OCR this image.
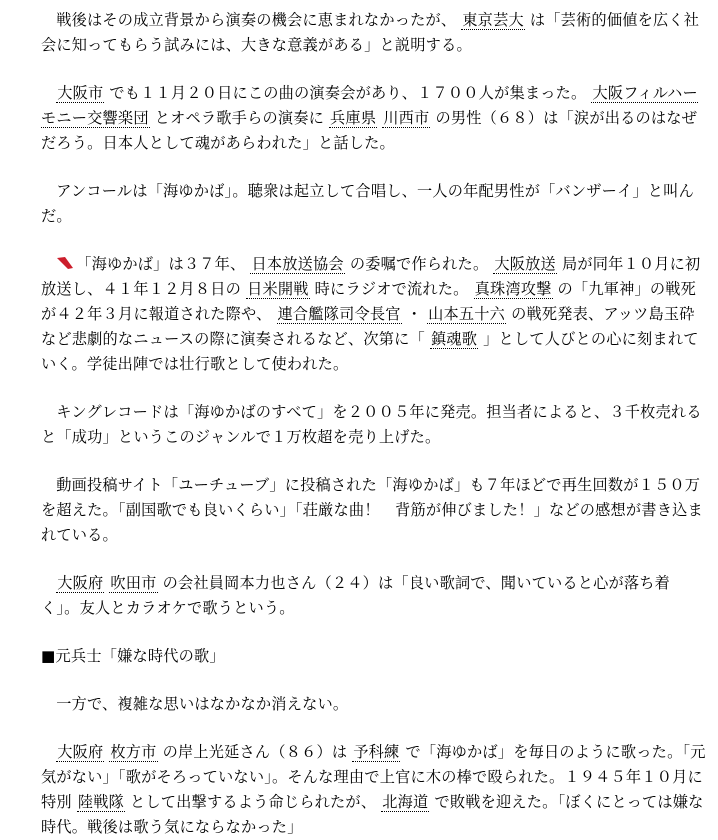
戦後はその成立背景から演奏の機会に恵まれなかったが、 東京芸大 は「芸術的価値を広く社会に知ってもらう試みには、大きな意義がある」と説明する。

大阪市 でも１１月２０日にこの曲の演奏会があり、１７００人が集まった。 大阪フィルハーモニー交響楽団 とオペラ歌手らの演奏に 兵庫県 川西市 の男性（６８）は「涙が出るのはなぜだろう。日本人として魂があらわれた」と話した。

アンコールは「海ゆかば」。聴衆は起立して合唱し、一人の年配男性が「バンザーイ」と叫んだ。

「海ゆかば」は３７年、 日本放送協会 の委嘱で作られた。 大阪放送 局が同年１０月に初放送し、４１年１２月８日の 日米開戦 時にラジオで流れた。 真珠湾攻撃 の「九軍神」の戦死が４２年３月に報道された際や、 連合艦隊司令長官 ・ 山本五十六 の戦死発表、アッツ島玉砕など悲劇的なニュースの際に演奏されるなど、次第に「 鎮魂歌 」として人びとの心に刻まれていく。学徒出陣では壮行歌として使われた。

キングレコードは「海ゆかばのすべて」を２００５年に発売。担当者によると、３千枚売れると「成功」というこのジャンルで１万枚超を売り上げた。

動画投稿サイト「ユーチューブ」に投稿された「海ゆかば」も７年ほどで再生回数が１５０万を超えた。「副国歌でも良いくらい」「荘厳な曲！　背筋が伸びました！」などの感想が書き込まれている。

大阪府 吹田市 の会社員岡本力也さん（２４）は「良い歌詞で、聞いていると心が落ち着く」。友人とカラオケで歌うという。

■元兵士「嫌な時代の歌」

一方で、複雑な思いはなかなか消えない。

大阪府 枚方市 の岸上光延さん（８６）は 予科練 で「海ゆかば」を毎日のように歌った。「元気がない」「歌がそろっていない」。そんな理由で上官に木の棒で殴られた。１９４５年１０月に特別 陸戦隊 として出撃するよう命じられたが、 北海道 で敗戦を迎えた。「ぼくにとっては嫌な時代。戦後は歌う気にならなかった」
